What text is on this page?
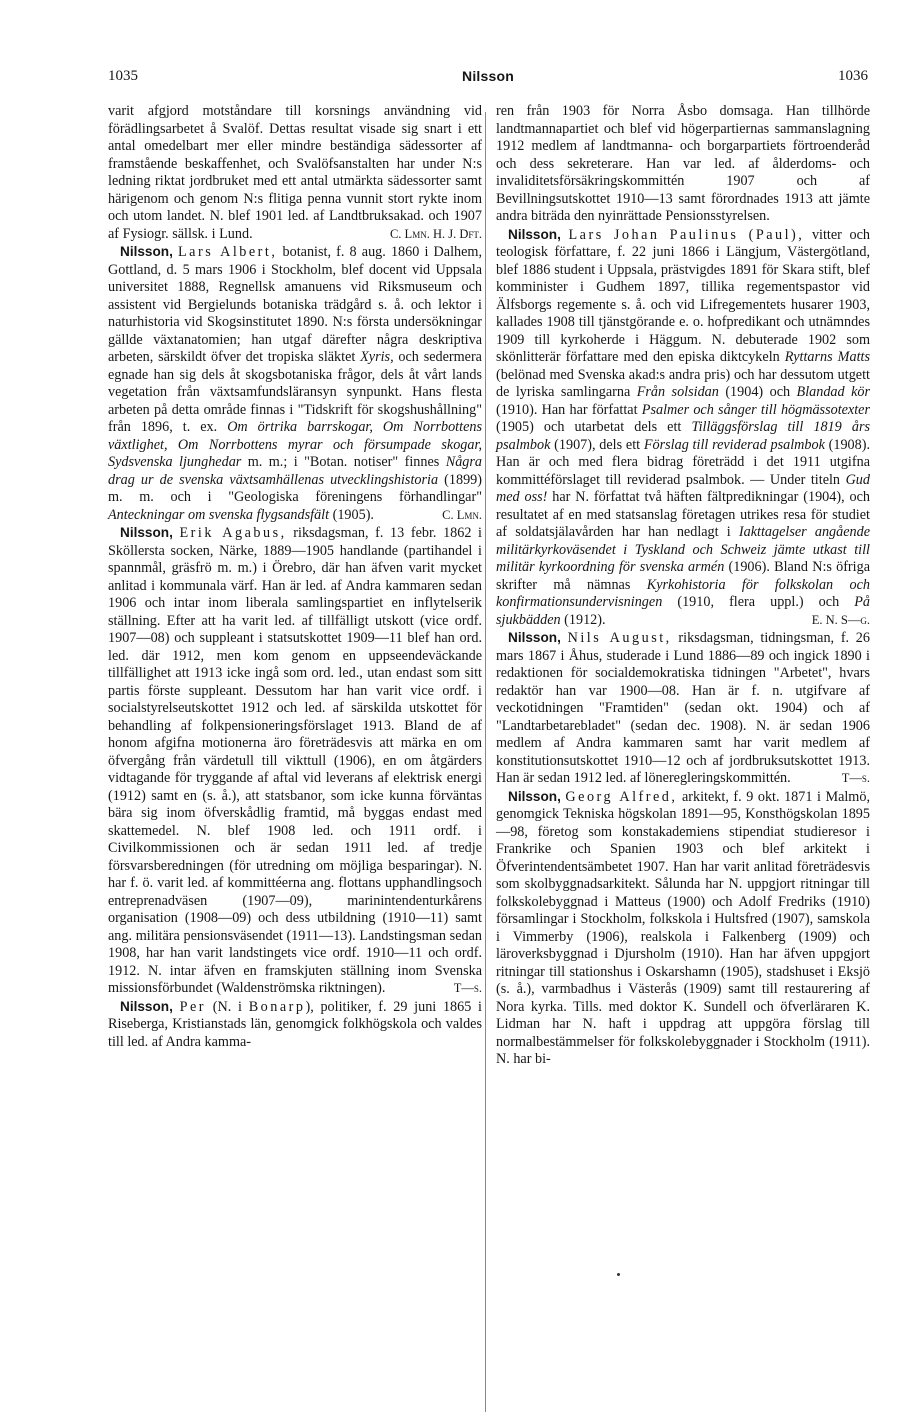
1035	Nilsson	1036

varit afgjord motståndare till korsnings användning vid förädlingsarbetet å Svalöf. Dettas resultat visade sig snart i ett antal omedelbart mer eller mindre beständiga sädessorter af framstående beskaffenhet, och Svalöfsanstalten har under N:s ledning riktat jordbruket med ett antal utmärkta sädessorter samt härigenom och genom N:s flitiga penna vunnit stort rykte inom och utom landet. N. blef 1901 led. af Landtbruksakad. och 1907 af Fysiogr. sällsk. i Lund.	C. Lmn. H. J. Dft.

Nilsson, Lars Albert, botanist, f. 8 aug. 1860 i Dalhem, Gottland, d. 5 mars 1906 i Stockholm, blef docent vid Uppsala universitet 1888, Regnellsk amanuens vid Riksmuseum och assistent vid Bergielunds botaniska trädgård s. å. och lektor i naturhistoria vid Skogsinstitutet 1890. N:s första undersökningar gällde växtanatomien; han utgaf därefter några deskriptiva arbeten, särskildt öfver det tropiska släktet Xyris, och sedermera egnade han sig dels åt skogsbotaniska frågor, dels åt vårt lands vegetation från växtsamfundsläransyn synpunkt. Hans flesta arbeten på detta område finnas i "Tidskrift för skogshushållning" från 1896, t. ex. Om örtrika barrskogar, Om Norrbottens växtlighet, Om Norrbottens myrar och försumpade skogar, Sydsvenska ljunghedar m. m.; i "Botan. notiser" finnes Några drag ur de svenska växtsamhällenas utvecklingshistoria (1899) m. m. och i "Geologiska föreningens förhandlingar" Anteckningar om svenska flygsandsfält (1905).	C. Lmn.

Nilsson, Erik Agabus, riksdagsman, f. 13 febr. 1862 i Sköllersta socken, Närke, 1889—1905 handlande (partihandel i spannmål, gräsfrö m. m.) i Örebro, där han äfven varit mycket anlitad i kommunala värf. Han är led. af Andra kammaren sedan 1906 och intar inom liberala samlingspartiet en inflytelserik ställning. Efter att ha varit led. af tillfälligt utskott (vice ordf. 1907—08) och suppleant i statsutskottet 1909—11 blef han ord. led. där 1912, men kom genom en uppseendeväckande tillfällighet att 1913 icke ingå som ord. led., utan endast som sitt partis förste suppleant. Dessutom har han varit vice ordf. i socialstyrelseutskottet 1912 och led. af särskilda utskottet för behandling af folkpensioneringsförslaget 1913. Bland de af honom afgifna motionerna äro företrädesvis att märka en om öfvergång från värdetull till vikttull (1906), en om åtgärders vidtagande för tryggande af aftal vid leverans af elektrisk energi (1912) samt en (s. å.), att statsbanor, som icke kunna förväntas bära sig inom öfverskådlig framtid, må byggas endast med skattemedel. N. blef 1908 led. och 1911 ordf. i Civilkommissionen och är sedan 1911 led. af tredje försvarsberedningen (för utredning om möjliga besparingar). N. har f. ö. varit led. af kommittéerna ang. flottans upphandlingsoch entreprenadväsen (1907—09), marinintendenturkårens organisation (1908—09) och dess utbildning (1910—11) samt ang. militära pensionsväsendet (1911—13). Landstingsman sedan 1908, har han varit landstingets vice ordf. 1910—11 och ordf. 1912. N. intar äfven en framskjuten ställning inom Svenska missionsförbundet (Waldenströmska riktningen).	T—s.

Nilsson, Per (N. i Bonarp), politiker, f. 29 juni 1865 i Riseberga, Kristianstads län, genomgick folkhögskola och valdes till led. af Andra kamma-

ren från 1903 för Norra Åsbo domsaga. Han tillhörde landtmannapartiet och blef vid högerpartiernas sammanslagning 1912 medlem af landtmanna- och borgarpartiets förtroenderåd och dess sekreterare. Han var led. af ålderdoms- och invaliditetsförsäkringskommittén 1907 och af Bevillningsutskottet 1910—13 samt förordnades 1913 att jämte andra biträda den nyinrättade Pensionsstyrelsen.

Nilsson, Lars Johan Paulinus (Paul), vitter och teologisk författare, f. 22 juni 1866 i Längjum, Västergötland, blef 1886 student i Uppsala, prästvigdes 1891 för Skara stift, blef komminister i Gudhem 1897, tillika regementspastor vid Älfsborgs regemente s. å. och vid Lifregementets husarer 1903, kallades 1908 till tjänstgörande e. o. hofpredikant och utnämndes 1909 till kyrkoherde i Häggum. N. debuterade 1902 som skönlitterär författare med den episka diktcykeln Ryttarns Matts (belönad med Svenska akad:s andra pris) och har dessutom utgett de lyriska samlingarna Från solsidan (1904) och Blandad kör (1910). Han har författat Psalmer och sånger till högmässotexter (1905) och utarbetat dels ett Tilläggsförslag till 1819 års psalmbok (1907), dels ett Förslag till reviderad psalmbok (1908). Han är och med flera bidrag företrädd i det 1911 utgifna kommittéförslaget till reviderad psalmbok. — Under titeln Gud med oss! har N. författat två häften fältpredikningar (1904), och resultatet af en med statsanslag företagen utrikes resa för studiet af soldatsjälavården har han nedlagt i Iakttagelser angående militärkyrkoväsendet i Tyskland och Schweiz jämte utkast till militär kyrkoordning för svenska armén (1906). Bland N:s öfriga skrifter må nämnas Kyrkohistoria för folkskolan och konfirmationsundervisningen (1910, flera uppl.) och På sjukbädden (1912).	E. N. S—g.

Nilsson, Nils August, riksdagsman, tidningsman, f. 26 mars 1867 i Åhus, studerade i Lund 1886—89 och ingick 1890 i redaktionen för socialdemokratiska tidningen "Arbetet", hvars redaktör han var 1900—08. Han är f. n. utgifvare af veckotidningen "Framtiden" (sedan okt. 1904) och af "Landtarbetarebladet" (sedan dec. 1908). N. är sedan 1906 medlem af Andra kammaren samt har varit medlem af konstitutionsutskottet 1910—12 och af jordbruksutskottet 1913. Han är sedan 1912 led. af löneregleringskommittén.	T—s.

Nilsson, Georg Alfred, arkitekt, f. 9 okt. 1871 i Malmö, genomgick Tekniska högskolan 1891—95, Konsthögskolan 1895—98, företog som konstakademiens stipendiat studieresor i Frankrike och Spanien 1903 och blef arkitekt i Öfverintendentsämbetet 1907. Han har varit anlitad företrädesvis som skolbyggnadsarkitekt. Sålunda har N. uppgjort ritningar till folkskolebyggnad i Matteus (1900) och Adolf Fredriks (1910) församlingar i Stockholm, folkskola i Hultsfred (1907), samskola i Vimmerby (1906), realskola i Falkenberg (1909) och läroverksbyggnad i Djursholm (1910). Han har äfven uppgjort ritningar till stationshus i Oskarshamn (1905), stadshuset i Eksjö (s. å.), varmbadhus i Västerås (1909) samt till restaurering af Nora kyrka. Tills. med doktor K. Sundell och öfverläraren K. Lidman har N. haft i uppdrag att uppgöra förslag till normalbestämmelser för folkskolebyggnader i Stockholm (1911). N. har bi-
